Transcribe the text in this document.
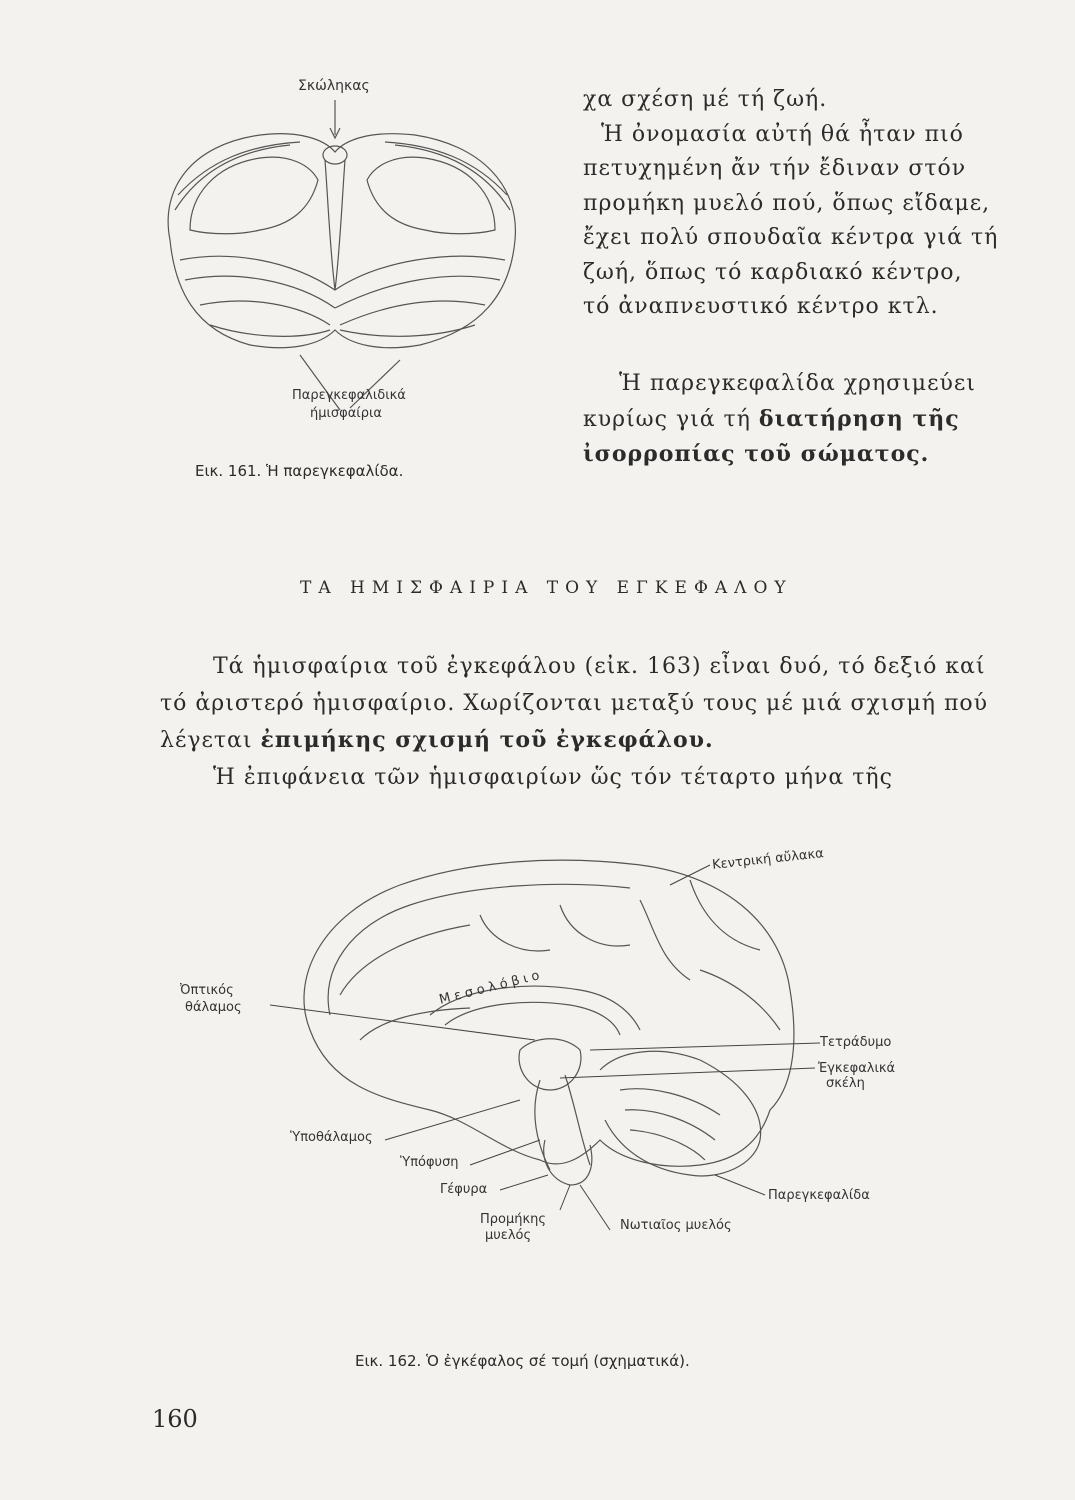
Σκώληκας
Παρεγκεφαλιδικά
ήμισφαίρια
Εικ. 161. Ἡ παρεγκεφαλίδα.
χα σχέση μέ τή ζωή.
Ἡ ὀνομασία αὐτή θά ἦταν πιό
πετυχημένη ἄν τήν ἔδιναν στόν
προμήκη μυελό πού, ὅπως εἴδαμε,
ἔχει πολύ σπουδαῖα κέντρα γιά τή
ζωή, ὅπως τό καρδιακό κέντρο,
τό ἀναπνευστικό κέντρο κτλ.
Ἡ παρεγκεφαλίδα χρησιμεύει
κυρίως γιά τή διατήρηση τῆς
ἰσορροπίας τοῦ σώματος.
ΤΑ ΗΜΙΣΦΑΙΡΙΑ ΤΟΥ ΕΓΚΕΦΑΛΟΥ
Τά ἡμισφαίρια τοῦ ἐγκεφάλου (εἰκ. 163) εἶναι δυό, τό δεξιό καί
τό ἀριστερό ἡμισφαίριο. Χωρίζονται μεταξύ τους μέ μιά σχισμή πού
λέγεται ἐπιμήκης σχισμή τοῦ ἐγκεφάλου.
Ἡ ἐπιφάνεια τῶν ἡμισφαιρίων ὥς τόν τέταρτο μήνα τῆς
Κεντρική αὔλακα
Μεσολόβιο
Ὀπτικός
θάλαμος
Τετράδυμο
Ἐγκεφαλικά
σκέλη
Ὑποθάλαμος
Ὑπόφυση
Γέφυρα	Παρεγκεφαλίδα
Προμήκης
μυελός
Νωτιαῖος μυελός
Εικ. 162. Ὁ ἐγκέφαλος σέ τομή (σχηματικά).
160
